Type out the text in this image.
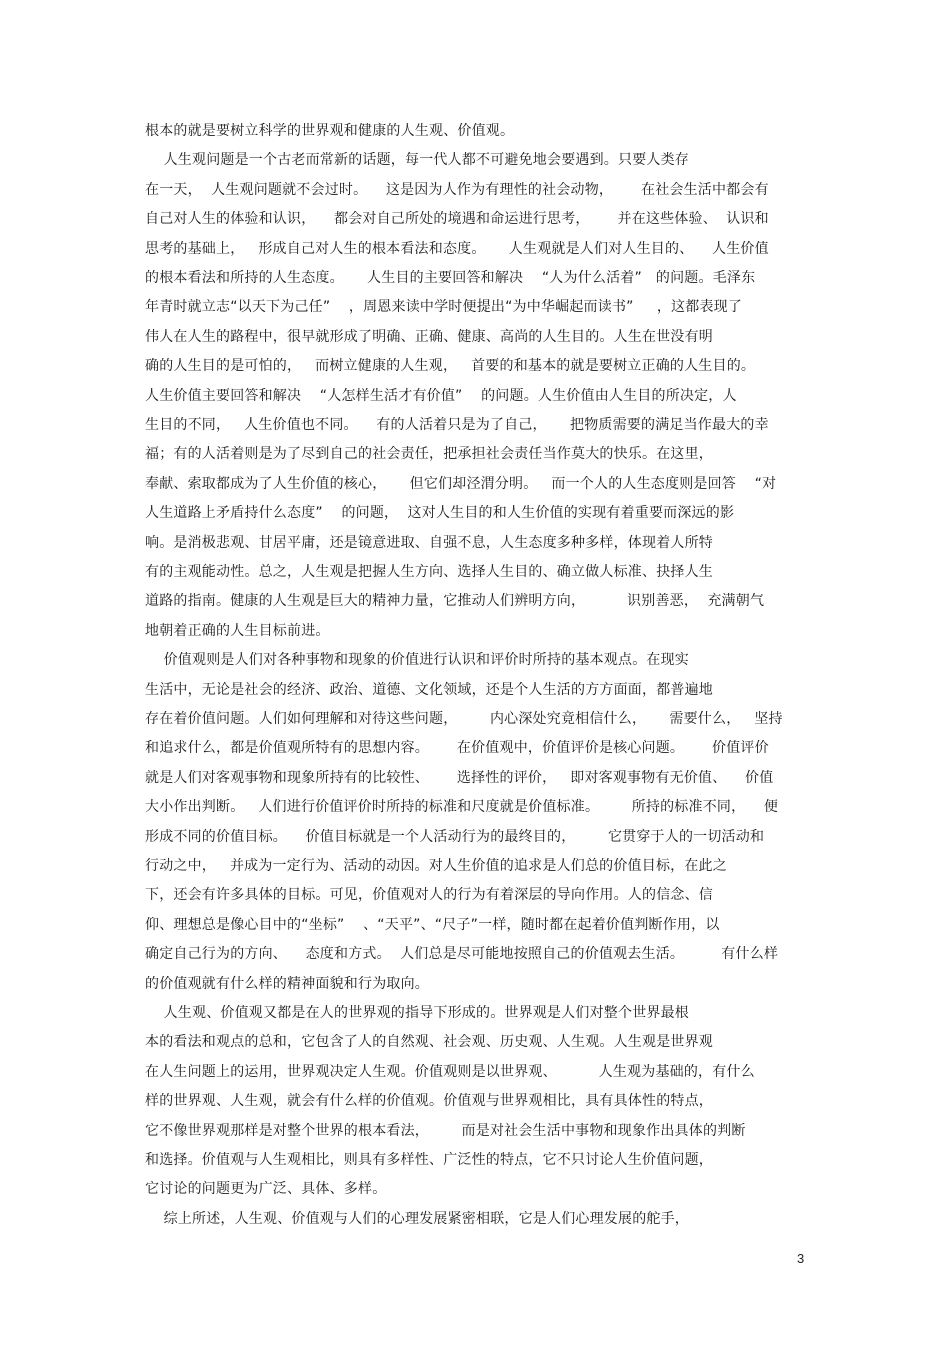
根本的就是要树立科学的世界观和健康的人生观、价值观。
人生观问题是一个古老而常新的话题，每一代人都不可避免地会要遇到。只要人类存
在一天，  人生观问题就不会过时。    这是因为人作为有理性的社会动物，      在社会生活中都会有
自己对人生的体验和认识，    都会对自己所处的境遇和命运进行思考，      并在这些体验、  认识和
思考的基础上，   形成自己对人生的根本看法和态度。     人生观就是人们对人生目的、    人生价值
的根本看法和所持的人生态度。     人生目的主要回答和解决    “人为什么活着”   的问题。毛泽东
年青时就立志“以天下为己任”    ，周恩来读中学时便提出“为中华崛起而读书”     ，这都表现了
伟人在人生的路程中，很早就形成了明确、正确、健康、高尚的人生目的。人生在世没有明
确的人生目的是可怕的，   而树立健康的人生观，   首要的和基本的就是要树立正确的人生目的。
人生价值主要回答和解决    “人怎样生活才有价值”    的问题。人生价值由人生目的所决定，人
生目的不同，   人生价值也不同。    有的人活着只是为了自己，     把物质需要的满足当作最大的幸
福；有的人活着则是为了尽到自己的社会责任，把承担社会责任当作莫大的快乐。在这里，
奉献、索取都成为了人生价值的核心，     但它们却泾渭分明。   而一个人的人生态度则是回答    “对
人生道路上矛盾持什么态度”    的问题，  这对人生目的和人生价值的实现有着重要而深远的影
响。是消极悲观、甘居平庸，还是镜意进取、自强不息，人生态度多种多样，体现着人所特
有的主观能动性。总之，人生观是把握人生方向、选择人生目的、确立做人标准、抉择人生
道路的指南。健康的人生观是巨大的精神力量，它推动人们辨明方向，         识别善恶，  充满朝气
地朝着正确的人生目标前进。
价值观则是人们对各种事物和现象的价值进行认识和评价时所持的基本观点。在现实
生活中，无论是社会的经济、政治、道德、文化领域，还是个人生活的方方面面，都普遍地
存在着价值问题。人们如何理解和对待这些问题，       内心深处究竟相信什么，     需要什么，   坚持
和追求什么，都是价值观所特有的思想内容。      在价值观中，价值评价是核心问题。      价值评价
就是人们对客观事物和现象所持有的比较性、      选择性的评价，   即对客观事物有无价值、    价值
大小作出判断。   人们进行价值评价时所持的标准和尺度就是价值标准。       所持的标准不同，    便
形成不同的价值目标。    价值目标就是一个人活动行为的最终目的，       它贯穿于人的一切活动和
行动之中，   并成为一定行为、活动的动因。对人生价值的追求是人们总的价值目标，在此之
下，还会有许多具体的目标。可见，价值观对人的行为有着深层的导向作用。人的信念、信
仰、理想总是像心目中的“坐标”    、“天平”、“尺子”一样，随时都在起着价值判断作用，以
确定自己行为的方向、    态度和方式。  人们总是尽可能地按照自己的价值观去生活。        有什么样
的价值观就有什么样的精神面貌和行为取向。
人生观、价值观又都是在人的世界观的指导下形成的。世界观是人们对整个世界最根
本的看法和观点的总和，它包含了人的自然观、社会观、历史观、人生观。人生观是世界观
在人生问题上的运用，世界观决定人生观。价值观则是以世界观、         人生观为基础的，有什么
样的世界观、人生观，就会有什么样的价值观。价值观与世界观相比，具有具体性的特点，
它不像世界观那样是对整个世界的根本看法，       而是对社会生活中事物和现象作出具体的判断
和选择。价值观与人生观相比，则具有多样性、广泛性的特点，它不只讨论人生价值问题，
它讨论的问题更为广泛、具体、多样。
综上所述，人生观、价值观与人们的心理发展紧密相联，它是人们心理发展的舵手，
3
